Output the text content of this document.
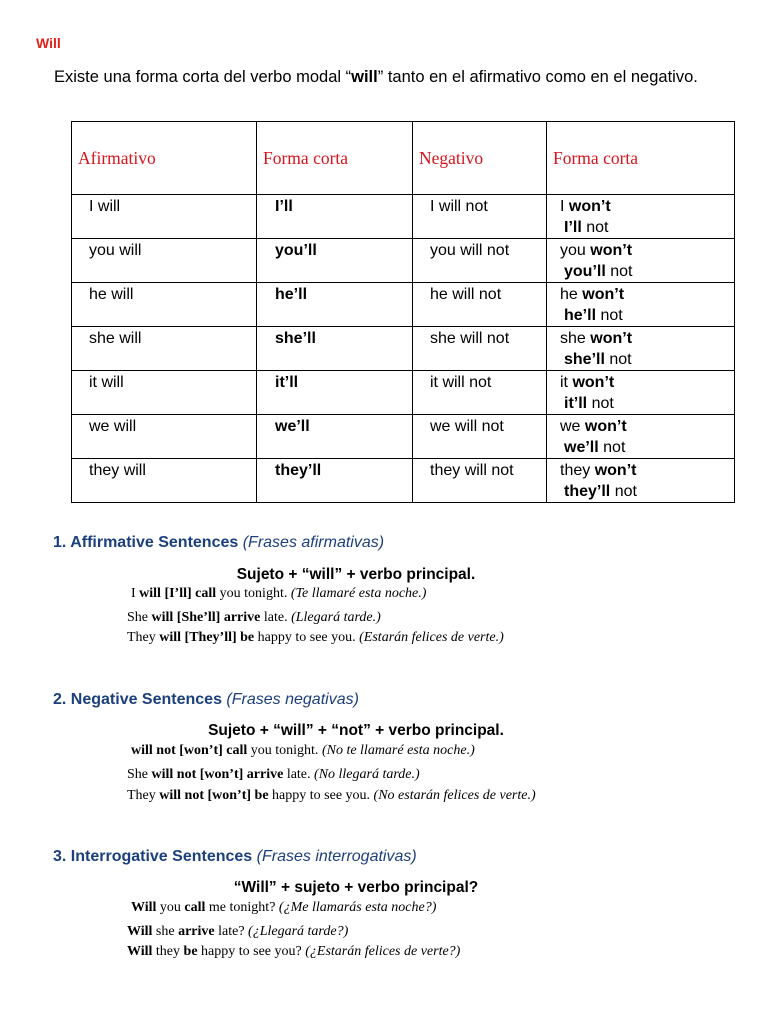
Will
Existe una forma corta del verbo modal “will” tanto en el afirmativo como en el negativo.
Afirmativo	Forma corta	Negativo	Forma corta

I will	I’ll	I will not	I won’t
I’ll not

you will	you’ll	you will not	you won’t
you’ll not

he will	he’ll	he will not	he won’t
he’ll not

she will	she’ll	she will not	she won’t
she’ll not

it will	it’ll	it will not	it won’t
it’ll not

we will	we’ll	we will not	we won’t
we’ll not

they will	they’ll	they will not	they won’t
they’ll not
1. Affirmative Sentences (Frases afirmativas)
Sujeto + “will” + verbo principal.
I will [I’ll] call you tonight. (Te llamaré esta noche.)
She will [She’ll] arrive late. (Llegará tarde.)
They will [They’ll] be happy to see you. (Estarán felices de verte.)
2. Negative Sentences (Frases negativas)
Sujeto + “will” + “not” + verbo principal.
will not [won’t] call you tonight. (No te llamaré esta noche.)
She will not [won’t] arrive late. (No llegará tarde.)
They will not [won’t] be happy to see you. (No estarán felices de verte.)
3. Interrogative Sentences (Frases interrogativas)
“Will” + sujeto + verbo principal?
Will you call me tonight? (¿Me llamarás esta noche?)
Will she arrive late? (¿Llegará tarde?)
Will they be happy to see you? (¿Estarán felices de verte?)
